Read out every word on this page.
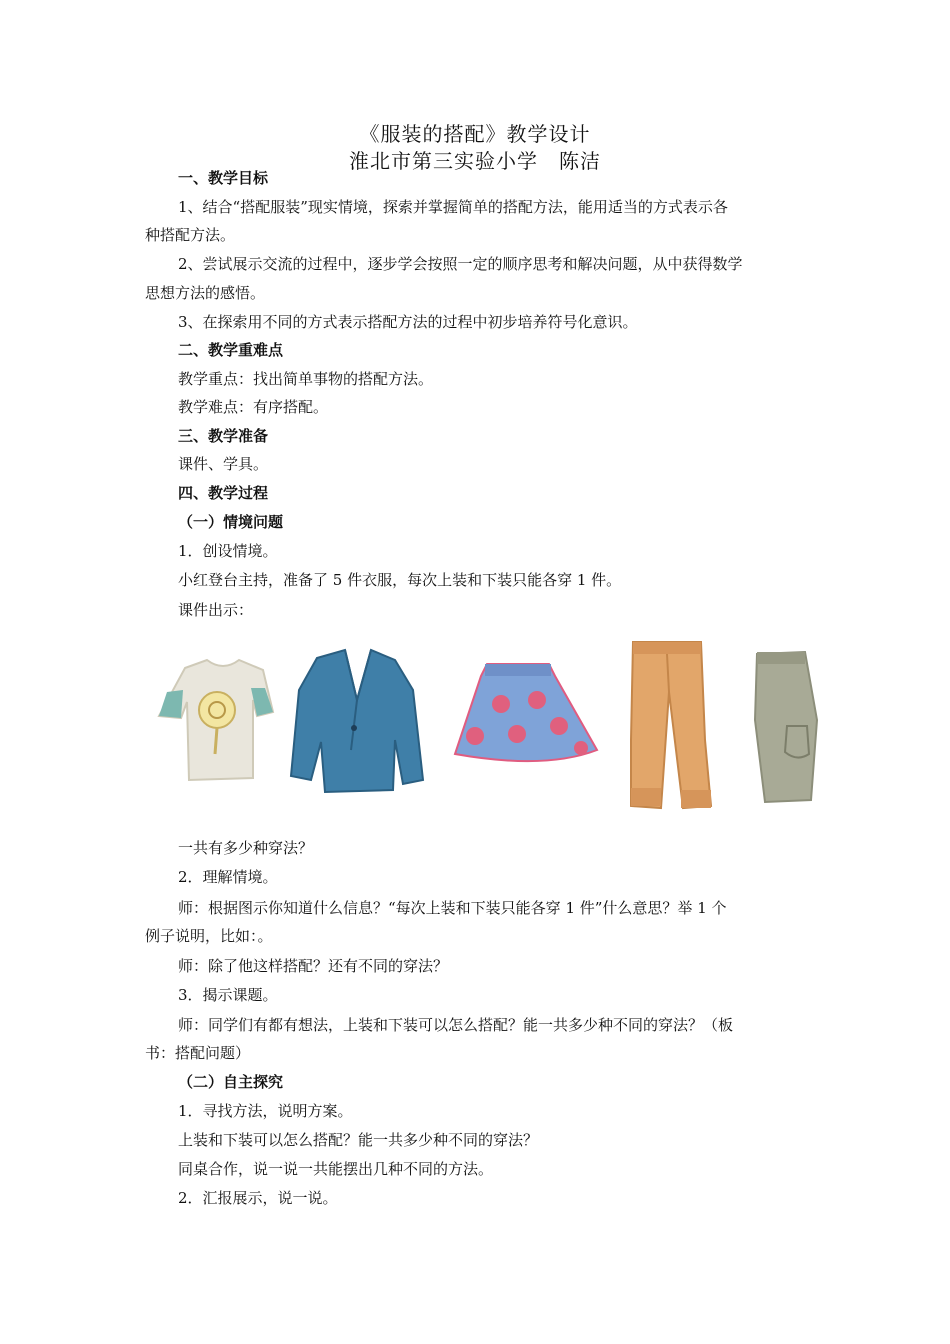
《服装的搭配》教学设计
淮北市第三实验小学　陈洁
一、教学目标
1、结合“搭配服装”现实情境，探索并掌握简单的搭配方法，能用适当的方式表示各
种搭配方法。
2、尝试展示交流的过程中，逐步学会按照一定的顺序思考和解决问题，从中获得数学
思想方法的感悟。
3、在探索用不同的方式表示搭配方法的过程中初步培养符号化意识。
二、教学重难点
教学重点：找出简单事物的搭配方法。
教学难点：有序搭配。
三、教学准备
课件、学具。
四、教学过程
（一）情境问题
1．创设情境。
小红登台主持，准备了 5 件衣服，每次上装和下装只能各穿 1 件。
课件出示：
一共有多少种穿法？
2．理解情境。
师：根据图示你知道什么信息？“每次上装和下装只能各穿 1 件”什么意思？举 1 个
例子说明，比如：。
师：除了他这样搭配？还有不同的穿法？
3．揭示课题。
师：同学们有都有想法，上装和下装可以怎么搭配？能一共多少种不同的穿法？（板
书：搭配问题）
（二）自主探究
1．寻找方法，说明方案。
上装和下装可以怎么搭配？能一共多少种不同的穿法？
同桌合作，说一说一共能摆出几种不同的方法。
2．汇报展示，说一说。
